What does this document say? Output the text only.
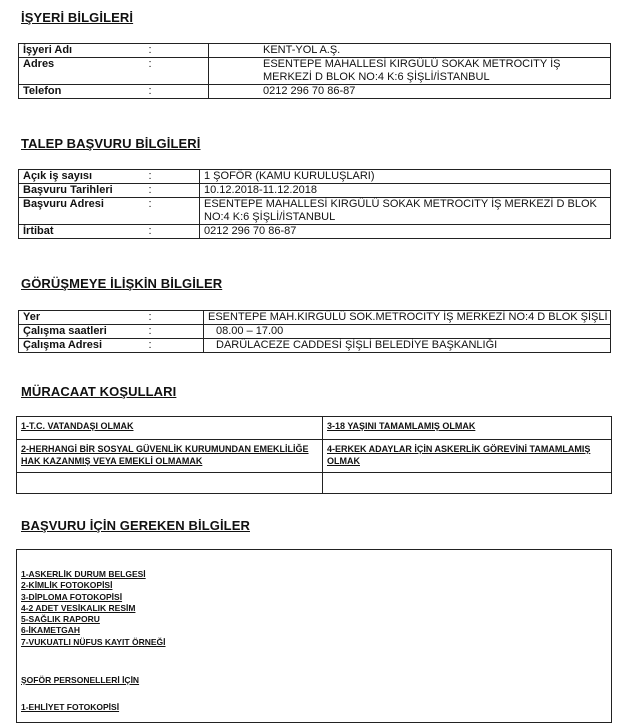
İŞYERİ BİLGİLERİ
İşyeri Adı	:	KENT-YOL A.Ş.
Adres	:	ESENTEPE MAHALLESİ KIRGÜLÜ SOKAK METROCITY İŞ MERKEZİ D BLOK NO:4 K:6 ŞİŞLİ/İSTANBUL
Telefon	:	0212 296 70 86-87
TALEP BAŞVURU BİLGİLERİ
Açık iş sayısı	:	1 ŞOFÖR (KAMU KURULUŞLARI)
Başvuru Tarihleri	:	10.12.2018-11.12.2018
Başvuru Adresi	:	ESENTEPE MAHALLESİ KIRGÜLÜ SOKAK METROCITY İŞ MERKEZİ D BLOK NO:4 K:6 ŞİŞLİ/İSTANBUL
İrtibat	:	0212 296 70 86-87
GÖRÜŞMEYE İLİŞKİN BİLGİLER
Yer	:	ESENTEPE MAH.KIRGÜLÜ SOK.METROCITY İŞ MERKEZİ NO:4 D BLOK ŞİŞLİ
Çalışma saatleri	:	08.00 – 17.00
Çalışma Adresi	:	DARÜLACEZE CADDESİ ŞİŞLİ BELEDİYE BAŞKANLIĞI
MÜRACAAT KOŞULLARI
1-T.C. VATANDAŞI OLMAK	3-18 YAŞINI TAMAMLAMIŞ OLMAK
2-HERHANGİ BİR SOSYAL GÜVENLİK KURUMUNDAN EMEKLİLİĞE HAK KAZANMIŞ VEYA EMEKLİ OLMAMAK	4-ERKEK ADAYLAR İÇİN ASKERLİK GÖREVİNİ TAMAMLAMIŞ OLMAK

BAŞVURU İÇİN GEREKEN BİLGİLER
1-ASKERLİK DURUM BELGESİ
2-KİMLİK FOTOKOPİSİ
3-DİPLOMA FOTOKOPİSİ
4-2 ADET VESİKALIK RESİM
5-SAĞLIK RAPORU
6-İKAMETGAH
7-VUKUATLI NÜFUS KAYIT ÖRNEĞİ
ŞOFÖR PERSONELLERİ İÇİN
1-EHLİYET FOTOKOPİSİ
